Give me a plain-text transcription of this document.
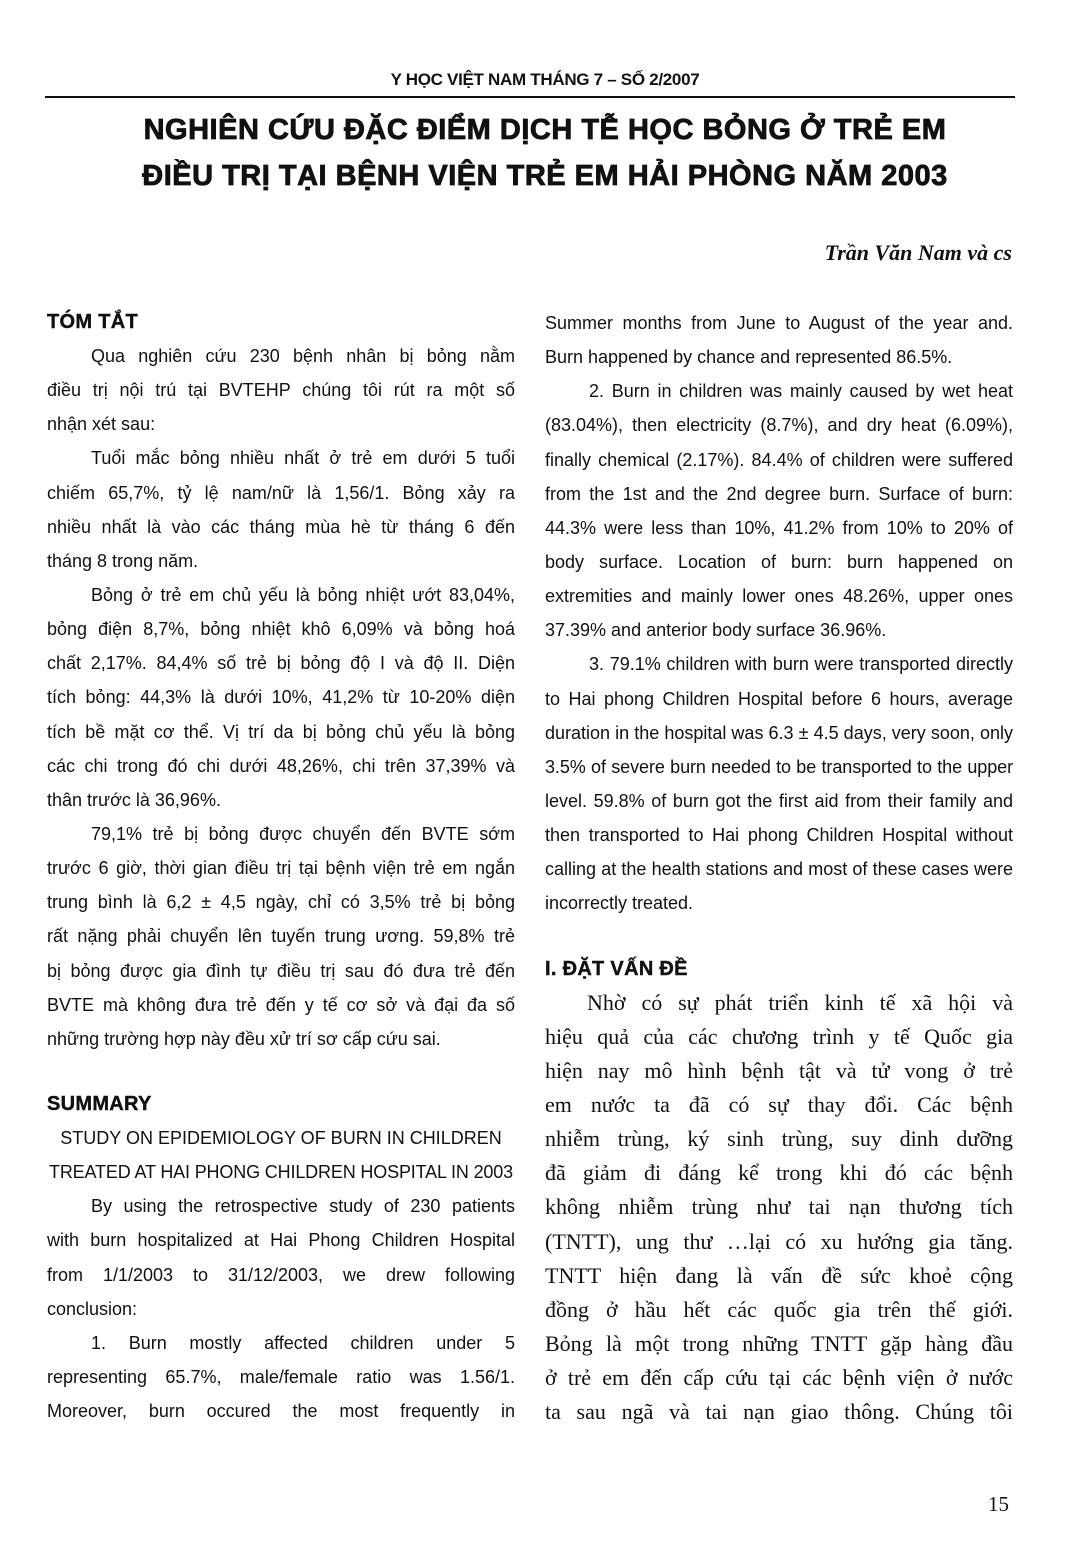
Y HỌC VIỆT NAM THÁNG 7 – SỐ 2/2007
NGHIÊN CỨU ĐẶC ĐIỂM DỊCH TỄ HỌC BỎNG Ở TRẺ EM
ĐIỀU TRỊ TẠI BỆNH VIỆN TRẺ EM HẢI PHÒNG NĂM 2003
Trần Văn Nam và cs
TÓM TẮT
Qua nghiên cứu 230 bệnh nhân bị bỏng nằm
điều trị nội trú tại BVTEHP chúng tôi rút ra một số
nhận xét sau:
Tuổi mắc bỏng nhiều nhất ở trẻ em dưới 5 tuổi
chiếm 65,7%, tỷ lệ nam/nữ là 1,56/1. Bỏng xảy ra
nhiều nhất là vào các tháng mùa hè từ tháng 6 đến
tháng 8 trong năm.
Bỏng ở trẻ em chủ yếu là bỏng nhiệt ướt 83,04%,
bỏng điện 8,7%, bỏng nhiệt khô 6,09% và bỏng hoá
chất 2,17%. 84,4% số trẻ bị bỏng độ I và độ II. Diện
tích bỏng: 44,3% là dưới 10%, 41,2% từ 10-20% diện
tích bề mặt cơ thể. Vị trí da bị bỏng chủ yếu là bỏng
các chi trong đó chi dưới 48,26%, chi trên 37,39% và
thân trước là 36,96%.
79,1% trẻ bị bỏng được chuyển đến BVTE sớm
trước 6 giờ, thời gian điều trị tại bệnh viện trẻ em ngắn
trung bình là 6,2 ± 4,5 ngày, chỉ có 3,5% trẻ bị bỏng
rất nặng phải chuyển lên tuyến trung ương. 59,8% trẻ
bị bỏng được gia đình tự điều trị sau đó đưa trẻ đến
BVTE mà không đưa trẻ đến y tế cơ sở và đại đa số
những trường hợp này đều xử trí sơ cấp cứu sai.
SUMMARY
STUDY ON EPIDEMIOLOGY OF BURN IN CHILDREN
TREATED AT HAI PHONG CHILDREN HOSPITAL IN 2003
By using the retrospective study of 230 patients
with burn hospitalized at Hai Phong Children Hospital
from 1/1/2003 to 31/12/2003, we drew following
conclusion:
1. Burn mostly affected children under 5
representing 65.7%, male/female ratio was 1.56/1.
Moreover, burn occured the most frequently in
Summer months from June to August of the year and.
Burn happened by chance and represented 86.5%.
2. Burn in children was mainly caused by wet heat
(83.04%), then electricity (8.7%), and dry heat (6.09%),
finally chemical (2.17%). 84.4% of children were suffered
from the 1st and the 2nd degree burn. Surface of burn:
44.3% were less than 10%, 41.2% from 10% to 20% of
body surface. Location of burn: burn happened on
extremities and mainly lower ones 48.26%, upper ones
37.39% and anterior body surface 36.96%.
3. 79.1% children with burn were transported directly
to Hai phong Children Hospital before 6 hours, average
duration in the hospital was 6.3 ± 4.5 days, very soon, only
3.5% of severe burn needed to be transported to the upper
level. 59.8% of burn got the first aid from their family and
then transported to Hai phong Children Hospital without
calling at the health stations and most of these cases were
incorrectly treated.
I. ĐẶT VẤN ĐỀ
Nhờ có sự phát triển kinh tế xã hội và
hiệu quả của các chương trình y tế Quốc gia
hiện nay mô hình bệnh tật và tử vong ở trẻ
em nước ta đã có sự thay đổi. Các bệnh
nhiễm trùng, ký sinh trùng, suy dinh dưỡng
đã giảm đi đáng kể trong khi đó các bệnh
không nhiễm trùng như tai nạn thương tích
(TNTT), ung thư …lại có xu hướng gia tăng.
TNTT hiện đang là vấn đề sức khoẻ cộng
đồng ở hầu hết các quốc gia trên thế giới.
Bỏng là một trong những TNTT gặp hàng đầu
ở trẻ em đến cấp cứu tại các bệnh viện ở nước
ta sau ngã và tai nạn giao thông. Chúng tôi
15
